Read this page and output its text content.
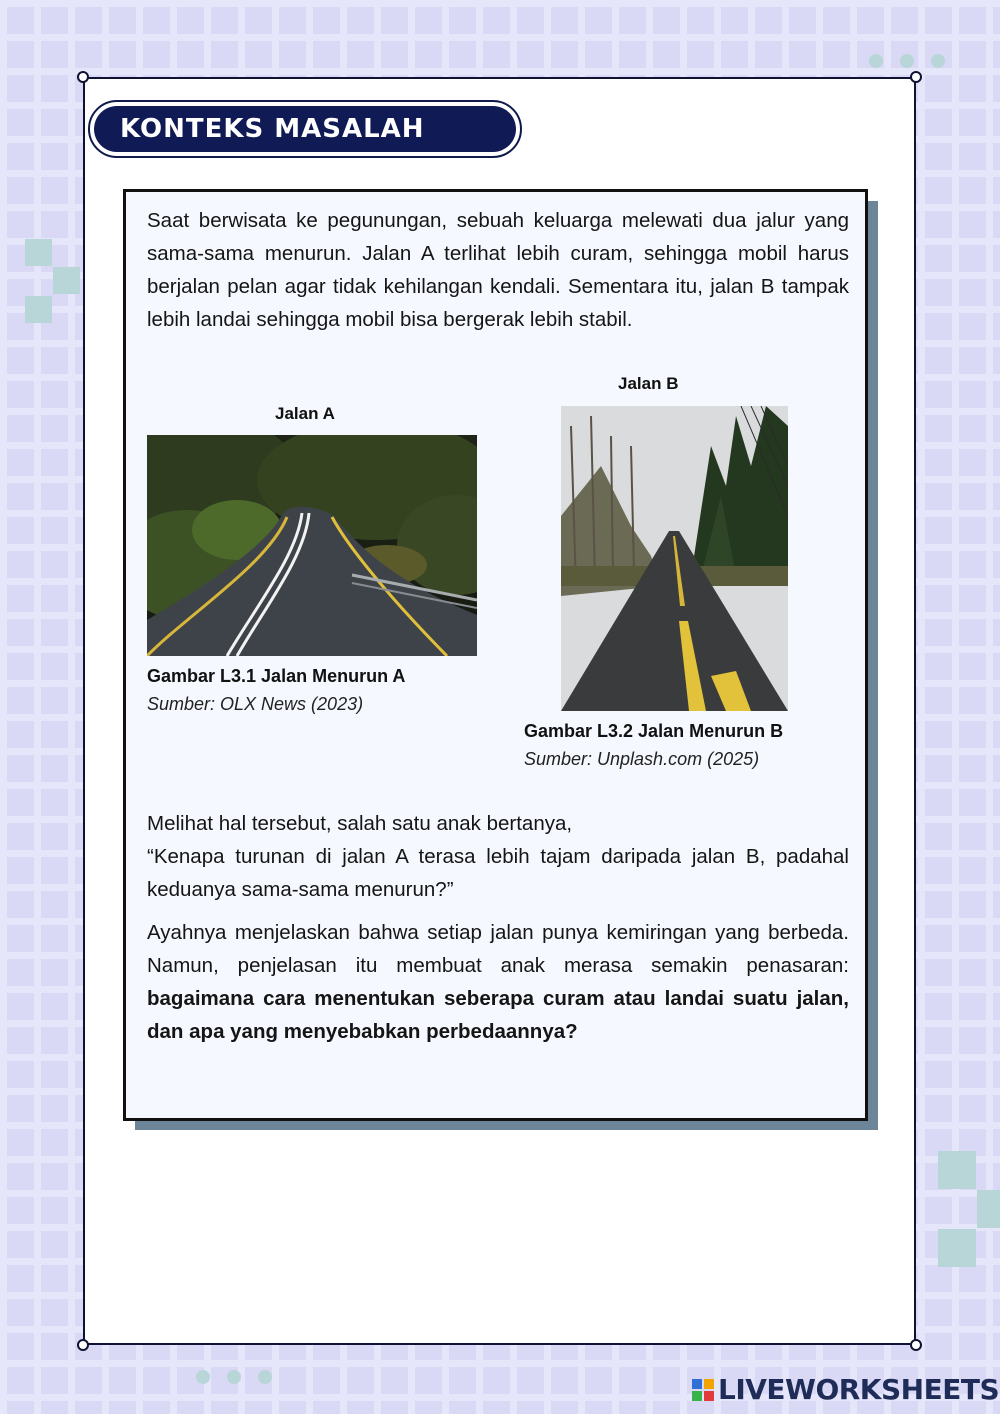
KONTEKS MASALAH

Saat berwisata ke pegunungan, sebuah keluarga melewati dua jalur yang sama-sama menurun. Jalan A terlihat lebih curam, sehingga mobil harus berjalan pelan agar tidak kehilangan kendali. Sementara itu, jalan B tampak lebih landai sehingga mobil bisa bergerak lebih stabil.

Jalan A
Gambar L3.1 Jalan Menurun A
Sumber: OLX News (2023)
Jalan B
Gambar L3.2 Jalan Menurun B
Sumber: Unplash.com (2025)

Melihat hal tersebut, salah satu anak bertanya,

“Kenapa turunan di jalan A terasa lebih tajam daripada jalan B, padahal keduanya sama-sama menurun?”

Ayahnya menjelaskan bahwa setiap jalan punya kemiringan yang berbeda. Namun, penjelasan itu membuat anak merasa semakin penasaran: bagaimana cara menentukan seberapa curam atau landai suatu jalan, dan apa yang menyebabkan perbedaannya?

LIVEWORKSHEETS
